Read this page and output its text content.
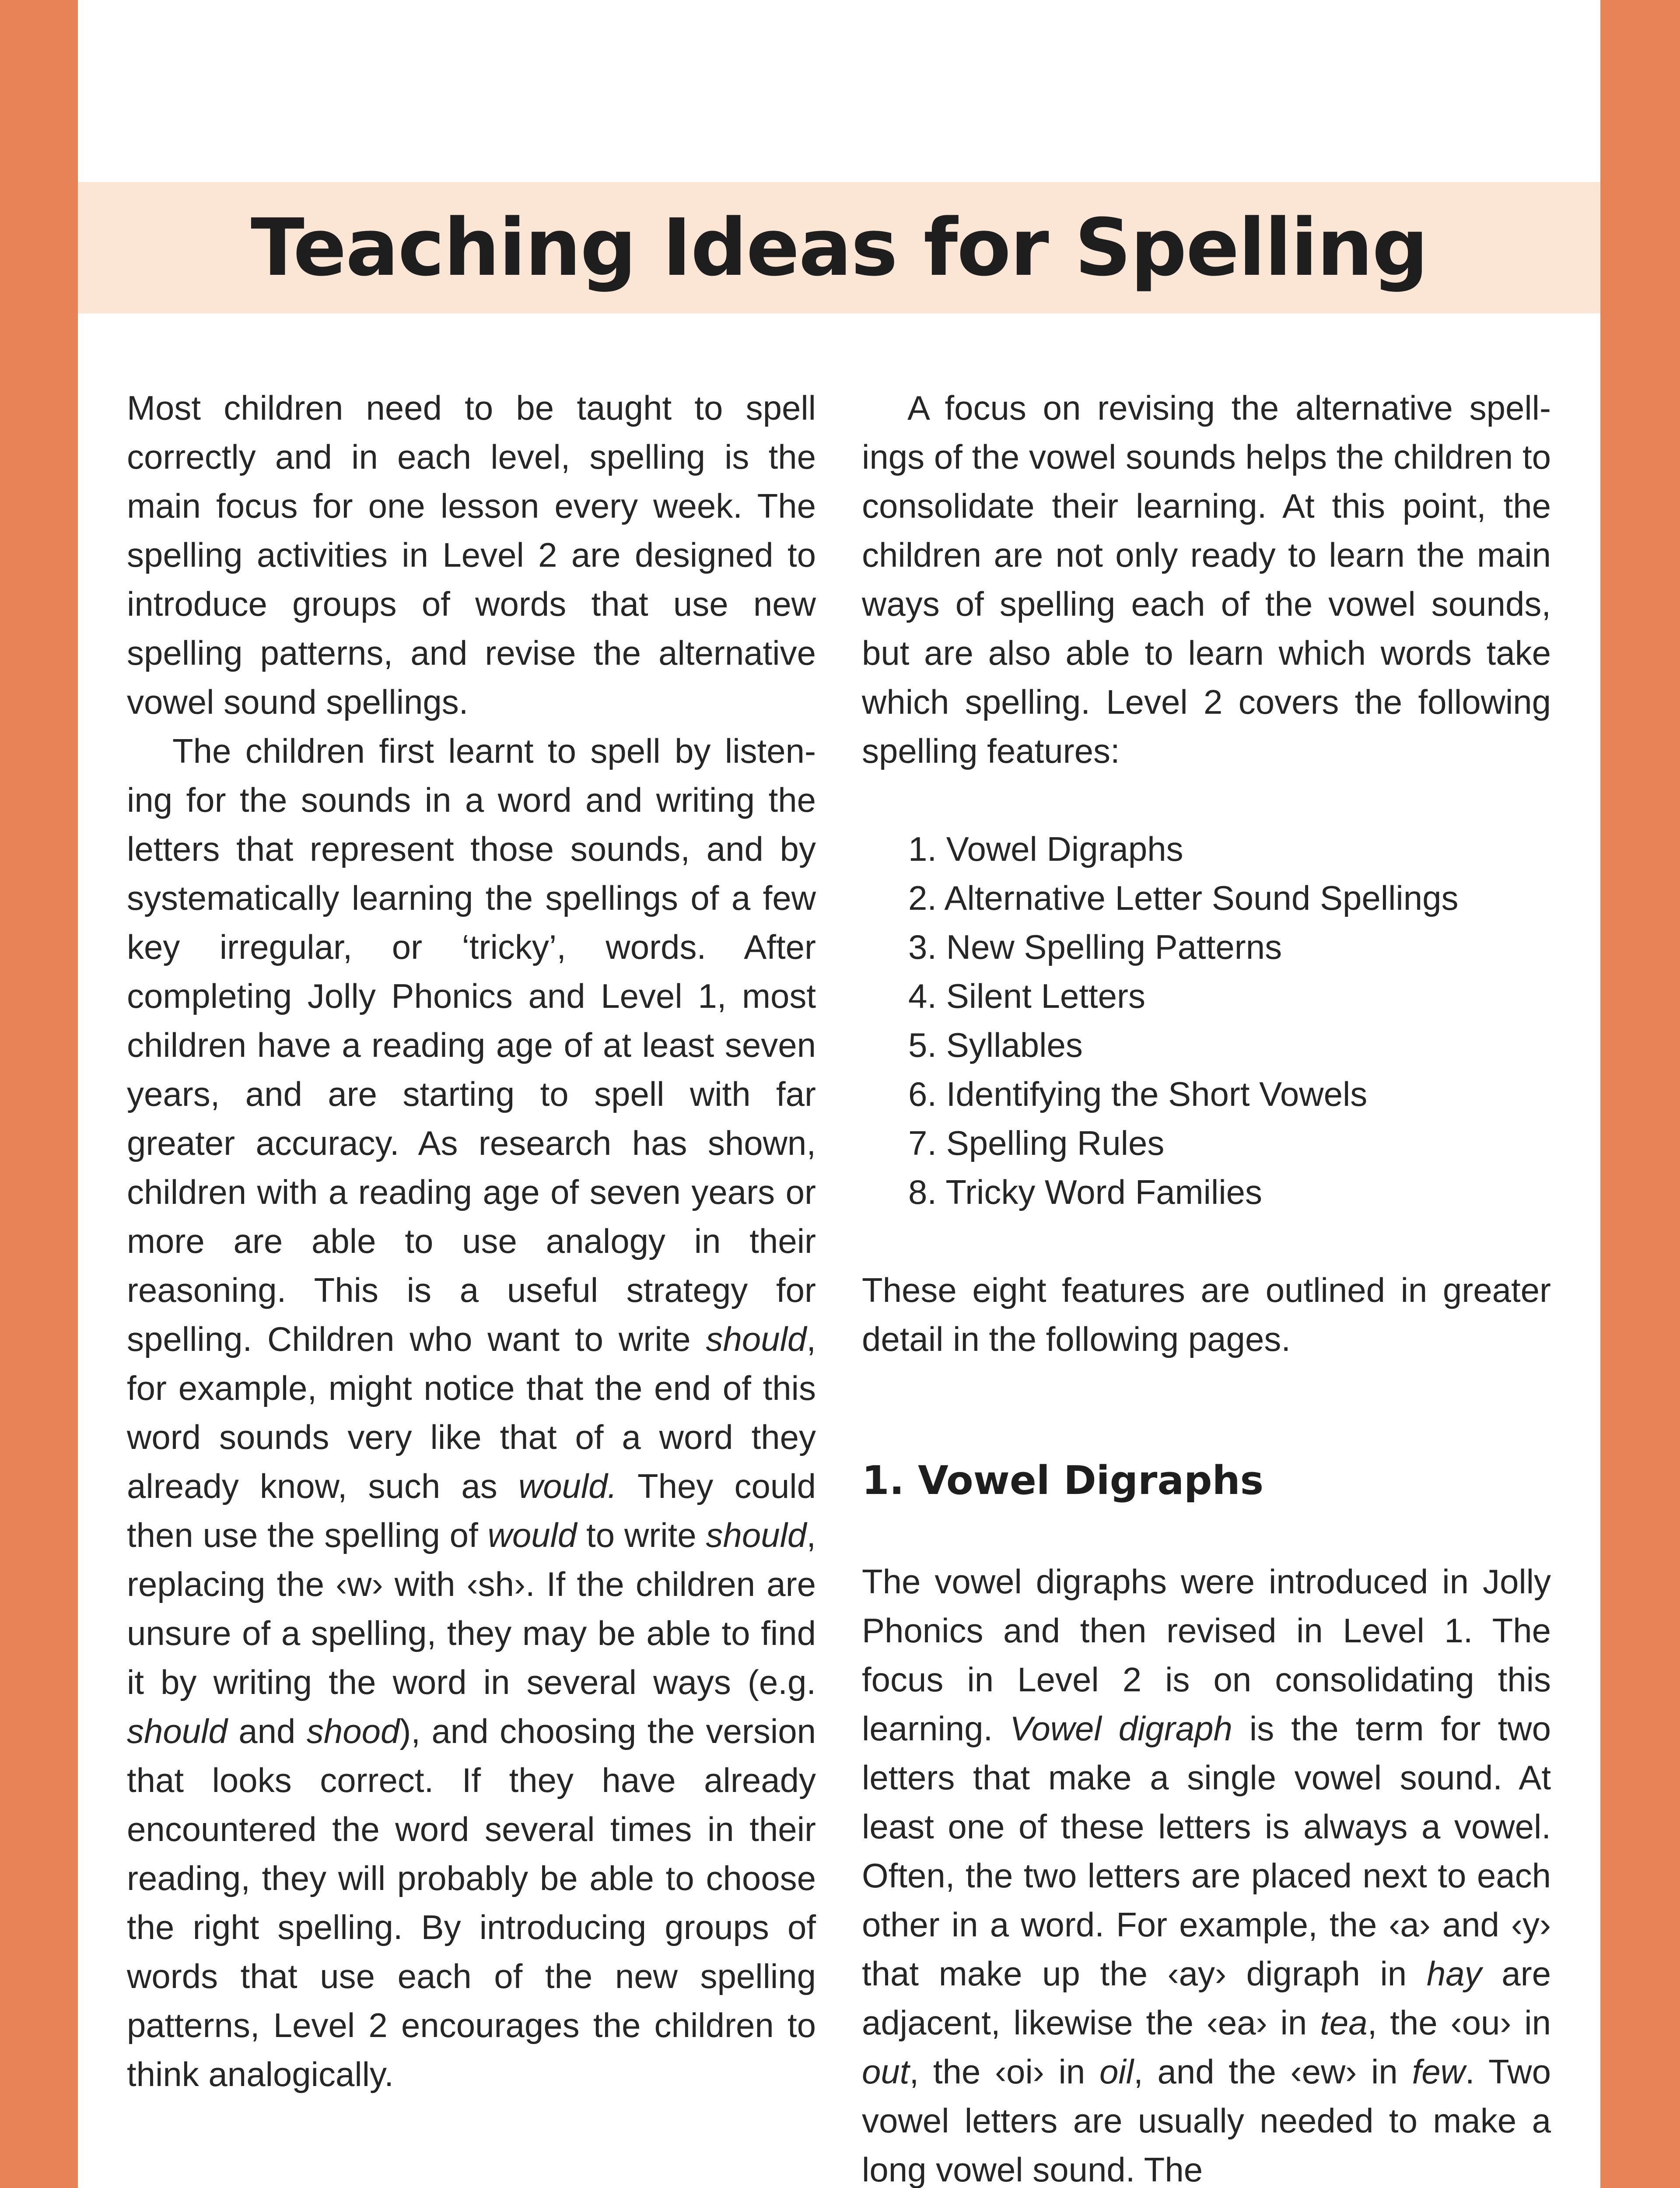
Teaching Ideas for Spelling

Most children need to be taught to spell correctly and in each level, spelling is the main focus for one lesson every week. The spelling activities in Level 2 are designed to introduce groups of words that use new spelling patterns, and revise the alternative vowel sound spellings.

The children first learnt to spell by listening for the sounds in a word and writing the letters that represent those sounds, and by systematically learning the spellings of a few key irregular, or ‘tricky’, words. After completing Jolly Phonics and Level 1, most children have a reading age of at least seven years, and are starting to spell with far greater accuracy. As research has shown, children with a reading age of seven years or more are able to use analogy in their reasoning. This is a useful strategy for spelling. Children who want to write should, for example, might notice that the end of this word sounds very like that of a word they already know, such as would. They could then use the spelling of would to write should, replacing the ‹w› with ‹sh›. If the children are unsure of a spelling, they may be able to find it by writing the word in several ways (e.g. should and shood), and choosing the version that looks correct. If they have already encountered the word several times in their reading, they will probably be able to choose the right spelling. By introducing groups of words that use each of the new spelling patterns, Level 2 encourages the children to think analogically.

A focus on revising the alternative spellings of the vowel sounds helps the children to consolidate their learning. At this point, the children are not only ready to learn the main ways of spelling each of the vowel sounds, but are also able to learn which words take which spelling. Level 2 covers the following spelling features:

1. Vowel Digraphs
2. Alternative Letter Sound Spellings
3. New Spelling Patterns
4. Silent Letters
5. Syllables
6. Identifying the Short Vowels
7. Spelling Rules
8. Tricky Word Families

These eight features are outlined in greater detail in the following pages.

1. Vowel Digraphs

The vowel digraphs were introduced in Jolly Phonics and then revised in Level 1. The focus in Level 2 is on consolidating this learning. Vowel digraph is the term for two letters that make a single vowel sound. At least one of these letters is always a vowel. Often, the two letters are placed next to each other in a word. For example, the ‹a› and ‹y› that make up the ‹ay› digraph in hay are adjacent, likewise the ‹ea› in tea, the ‹ou› in out, the ‹oi› in oil, and the ‹ew› in few. Two vowel letters are usually needed to make a long vowel sound. The
